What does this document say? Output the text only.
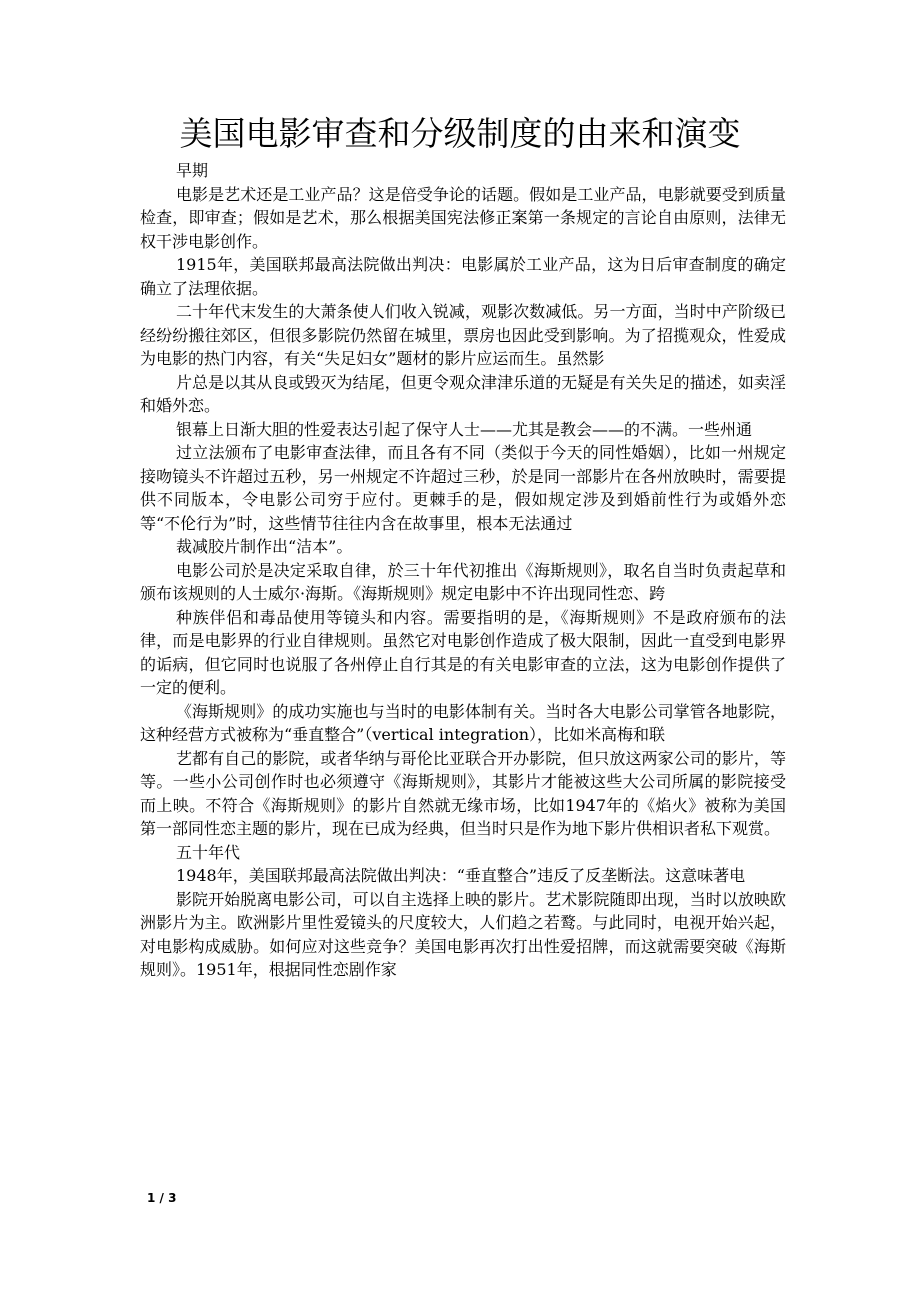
美国电影审查和分级制度的由来和演变

早期

电影是艺术还是工业产品？这是倍受争论的话题。假如是工业产品，电影就要受到质量检查，即审查；假如是艺术，那么根据美国宪法修正案第一条规定的言论自由原则，法律无权干涉电影创作。

1915年，美国联邦最高法院做出判决：电影属於工业产品，这为日后审查制度的确定确立了法理依据。

二十年代末发生的大萧条使人们收入锐减，观影次数减低。另一方面，当时中产阶级已经纷纷搬往郊区，但很多影院仍然留在城里，票房也因此受到影响。为了招揽观众，性爱成为电影的热门内容，有关“失足妇女”题材的影片应运而生。虽然影

片总是以其从良或毁灭为结尾，但更令观众津津乐道的无疑是有关失足的描述，如卖淫和婚外恋。

银幕上日渐大胆的性爱表达引起了保守人士——尤其是教会——的不满。一些州通

过立法颁布了电影审查法律，而且各有不同（类似于今天的同性婚姻），比如一州规定接吻镜头不许超过五秒，另一州规定不许超过三秒，於是同一部影片在各州放映时，需要提供不同版本，令电影公司穷于应付。更棘手的是，假如规定涉及到婚前性行为或婚外恋等“不伦行为”时，这些情节往往内含在故事里，根本无法通过

裁减胶片制作出“洁本”。

电影公司於是决定采取自律，於三十年代初推出《海斯规则》，取名自当时负责起草和颁布该规则的人士威尔·海斯。《海斯规则》规定电影中不许出现同性恋、跨

种族伴侣和毒品使用等镜头和内容。需要指明的是，《海斯规则》不是政府颁布的法律，而是电影界的行业自律规则。虽然它对电影创作造成了极大限制，因此一直受到电影界的诟病，但它同时也说服了各州停止自行其是的有关电影审查的立法，这为电影创作提供了一定的便利。

《海斯规则》的成功实施也与当时的电影体制有关。当时各大电影公司掌管各地影院，这种经营方式被称为“垂直整合”（vertical integration），比如米高梅和联

艺都有自己的影院，或者华纳与哥伦比亚联合开办影院，但只放这两家公司的影片，等等。一些小公司创作时也必须遵守《海斯规则》，其影片才能被这些大公司所属的影院接受而上映。不符合《海斯规则》的影片自然就无缘市场，比如1947年的《焰火》被称为美国第一部同性恋主题的影片，现在已成为经典，但当时只是作为地下影片供相识者私下观赏。

五十年代

1948年，美国联邦最高法院做出判决：“垂直整合”违反了反垄断法。这意味著电

影院开始脱离电影公司，可以自主选择上映的影片。艺术影院随即出现，当时以放映欧洲影片为主。欧洲影片里性爱镜头的尺度较大，人们趋之若鹜。与此同时，电视开始兴起，对电影构成威胁。如何应对这些竞争？美国电影再次打出性爱招牌，而这就需要突破《海斯规则》。1951年，根据同性恋剧作家

1 / 3
